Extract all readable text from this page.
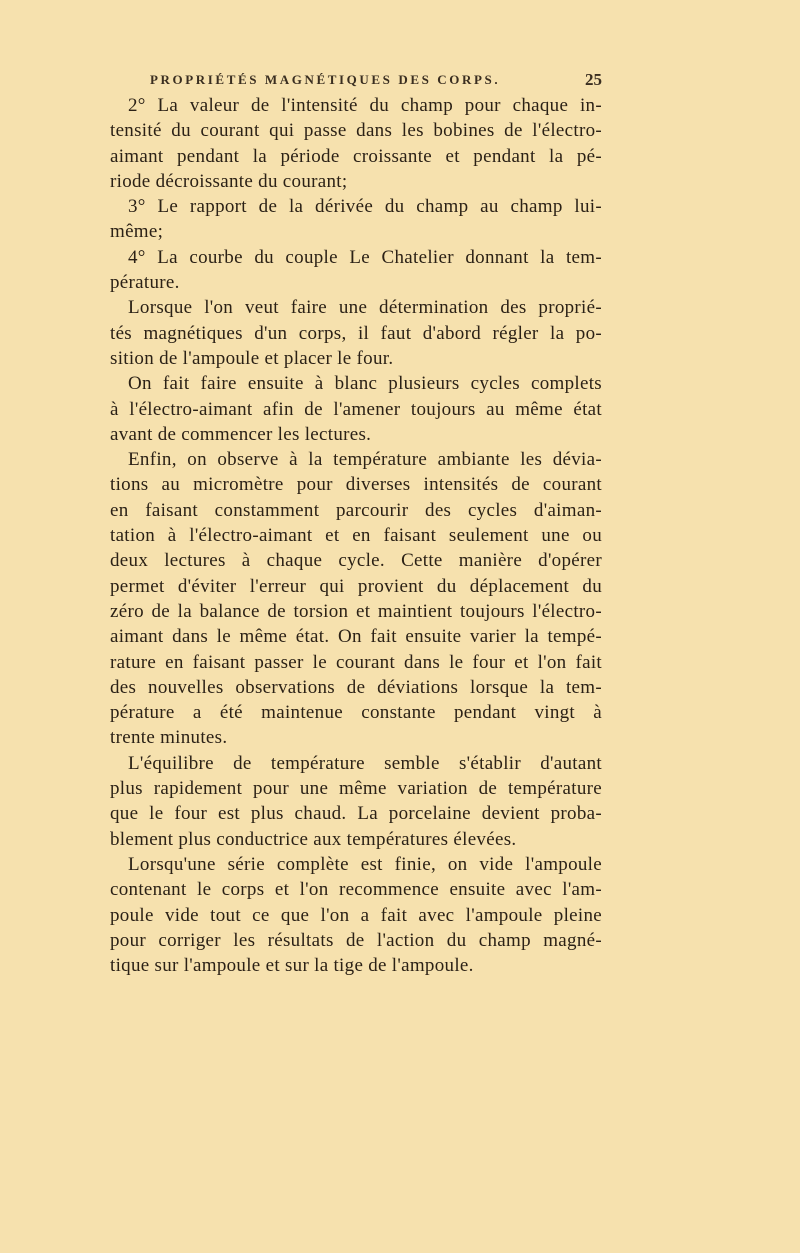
PROPRIÉTÉS MAGNÉTIQUES DES CORPS.	25
2° La valeur de l'intensité du champ pour chaque in-
tensité du courant qui passe dans les bobines de l'électro-
aimant pendant la période croissante et pendant la pé-
riode décroissante du courant;
3° Le rapport de la dérivée du champ au champ lui-
même;
4° La courbe du couple Le Chatelier donnant la tem-
pérature.
Lorsque l'on veut faire une détermination des proprié-
tés magnétiques d'un corps, il faut d'abord régler la po-
sition de l'ampoule et placer le four.
On fait faire ensuite à blanc plusieurs cycles complets
à l'électro-aimant afin de l'amener toujours au même état
avant de commencer les lectures.
Enfin, on observe à la température ambiante les dévia-
tions au micromètre pour diverses intensités de courant
en faisant constamment parcourir des cycles d'aiman-
tation à l'électro-aimant et en faisant seulement une ou
deux lectures à chaque cycle. Cette manière d'opérer
permet d'éviter l'erreur qui provient du déplacement du
zéro de la balance de torsion et maintient toujours l'électro-
aimant dans le même état. On fait ensuite varier la tempé-
rature en faisant passer le courant dans le four et l'on fait
des nouvelles observations de déviations lorsque la tem-
pérature a été maintenue constante pendant vingt à
trente minutes.
L'équilibre de température semble s'établir d'autant
plus rapidement pour une même variation de température
que le four est plus chaud. La porcelaine devient proba-
blement plus conductrice aux températures élevées.
Lorsqu'une série complète est finie, on vide l'ampoule
contenant le corps et l'on recommence ensuite avec l'am-
poule vide tout ce que l'on a fait avec l'ampoule pleine
pour corriger les résultats de l'action du champ magné-
tique sur l'ampoule et sur la tige de l'ampoule.
